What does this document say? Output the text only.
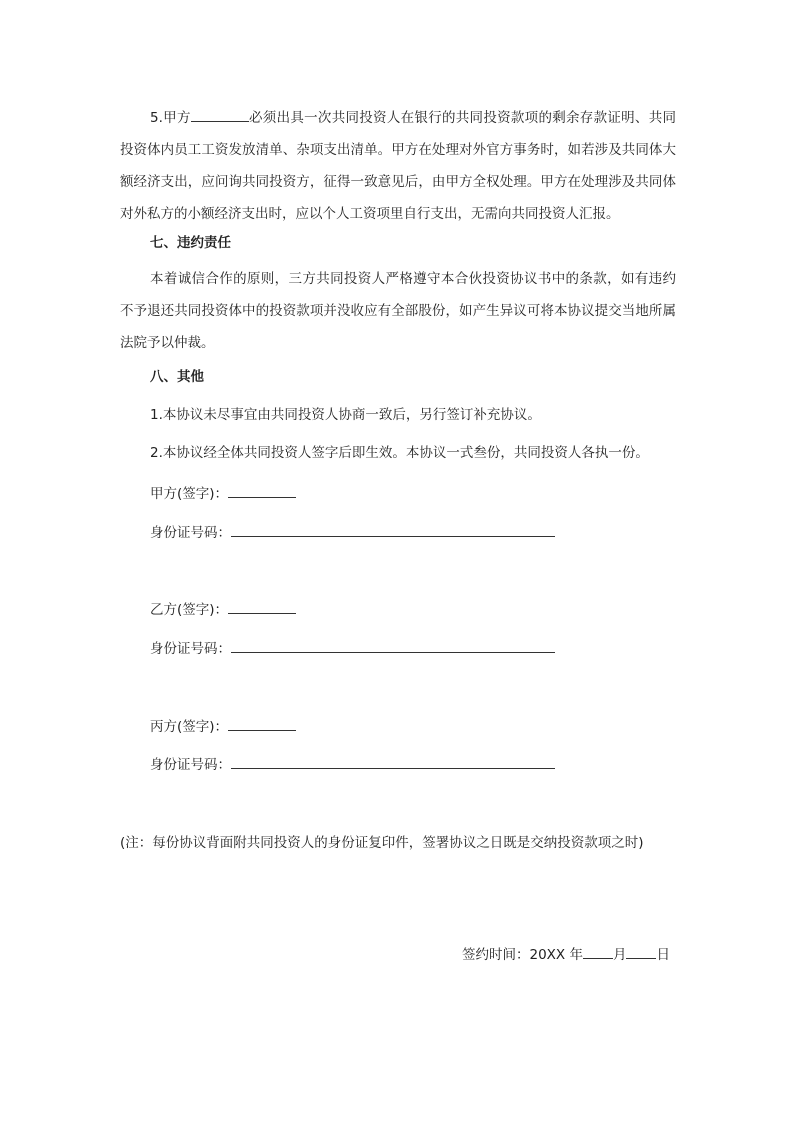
5.甲方	必须出具一次共同投资人在银行的共同投资款项的剩余存款证明、共同投资体内员工工资发放清单、杂项支出清单。甲方在处理对外官方事务时，如若涉及共同体大额经济支出，应问询共同投资方，征得一致意见后，由甲方全权处理。甲方在处理涉及共同体对外私方的小额经济支出时，应以个人工资项里自行支出，无需向共同投资人汇报。

七、违约责任

本着诚信合作的原则，三方共同投资人严格遵守本合伙投资协议书中的条款，如有违约不予退还共同投资体中的投资款项并没收应有全部股份，如产生异议可将本协议提交当地所属法院予以仲裁。

八、其他

1.本协议未尽事宜由共同投资人协商一致后，另行签订补充协议。

2.本协议经全体共同投资人签字后即生效。本协议一式叁份，共同投资人各执一份。

甲方(签字)：

身份证号码：

乙方(签字)：

身份证号码：

丙方(签字)：

身份证号码：

(注：每份协议背面附共同投资人的身份证复印件，签署协议之日既是交纳投资款项之时)

签约时间：20XX 年 月 日
